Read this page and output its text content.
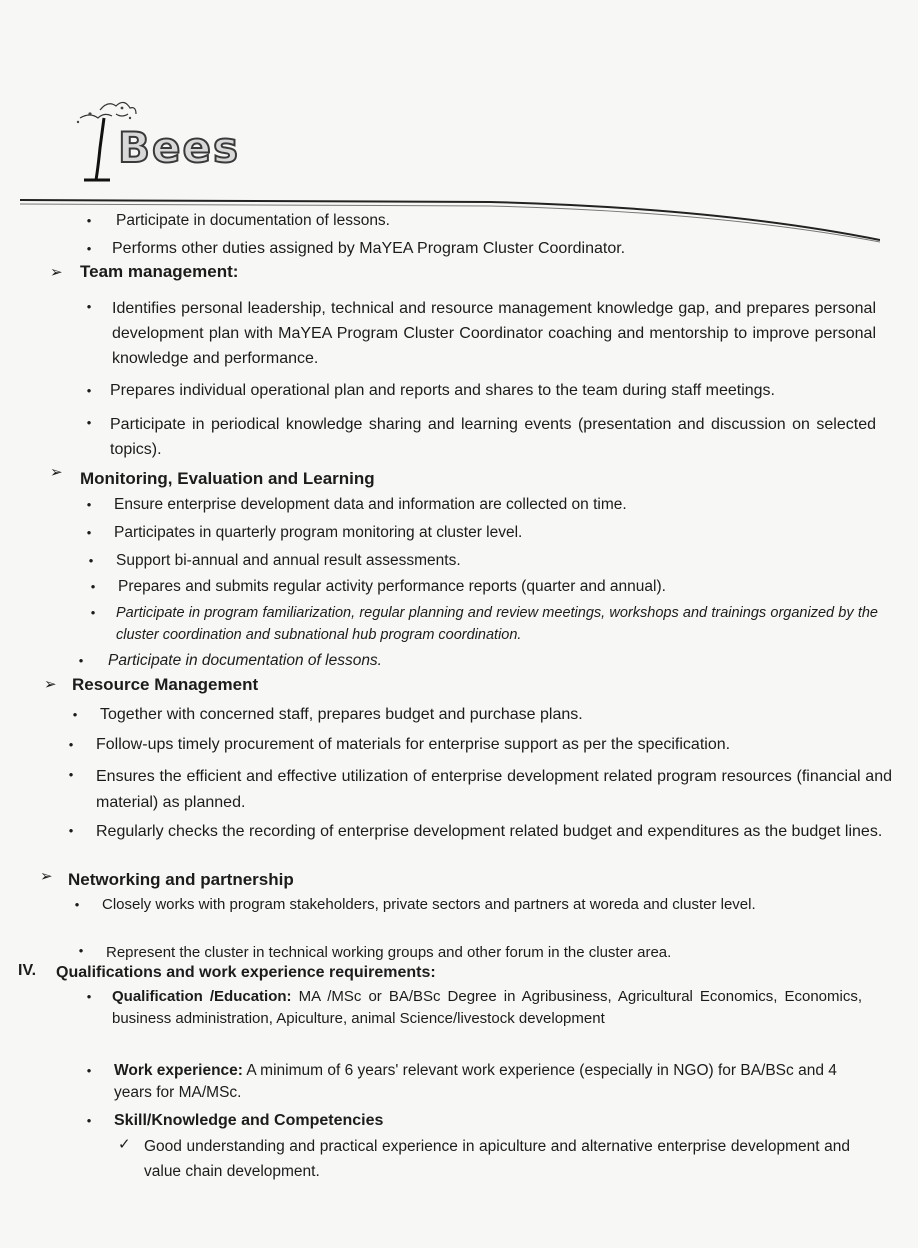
Bees
• Participate in documentation of lessons.
• Performs other duties assigned by MaYEA Program Cluster Coordinator.
➢ Team management:
• Identifies personal leadership, technical and resource management knowledge gap, and prepares personal development plan with MaYEA Program Cluster Coordinator coaching and mentorship to improve personal knowledge and performance.
• Prepares individual operational plan and reports and shares to the team during staff meetings.
• Participate in periodical knowledge sharing and learning events (presentation and discussion on selected topics).
➢ Monitoring, Evaluation and Learning
• Ensure enterprise development data and information are collected on time.
• Participates in quarterly program monitoring at cluster level.
• Support bi-annual and annual result assessments.
• Prepares and submits regular activity performance reports (quarter and annual).
• Participate in program familiarization, regular planning and review meetings, workshops and trainings organized by the cluster coordination and subnational hub program coordination.
• Participate in documentation of lessons.
➢ Resource Management
• Together with concerned staff, prepares budget and purchase plans.
• Follow-ups timely procurement of materials for enterprise support as per the specification.
• Ensures the efficient and effective utilization of enterprise development related program resources (financial and material) as planned.
• Regularly checks the recording of enterprise development related budget and expenditures as the budget lines.
➢ Networking and partnership
• Closely works with program stakeholders, private sectors and partners at woreda and cluster level.
• Represent the cluster in technical working groups and other forum in the cluster area.
IV. Qualifications and work experience requirements:
• Qualification /Education: MA /MSc or BA/BSc Degree in Agribusiness, Agricultural Economics, Economics, business administration, Apiculture, animal Science/livestock development
• Work experience: A minimum of 6 years' relevant work experience (especially in NGO) for BA/BSc and 4 years for MA/MSc.
• Skill/Knowledge and Competencies
✓ Good understanding and practical experience in apiculture and alternative enterprise development and value chain development.
